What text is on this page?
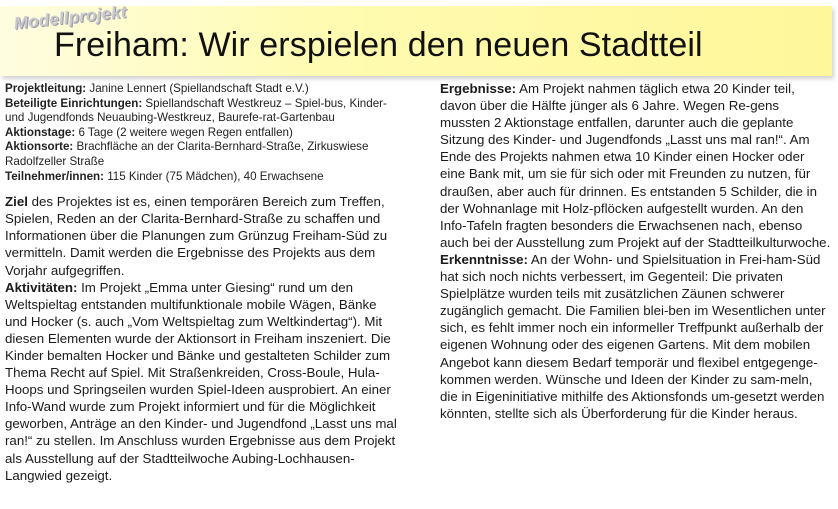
Modellprojekt
Freiham: Wir erspielen den neuen Stadtteil
Projektleitung: Janine Lennert (Spiellandschaft Stadt e.V.)
Beteiligte Einrichtungen: Spiellandschaft Westkreuz – Spiel-bus, Kinder- und Jugendfonds Neuaubing-Westkreuz, Baurefe-rat-Gartenbau
Aktionstage: 6 Tage (2 weitere wegen Regen entfallen)
Aktionsorte: Brachfläche an der Clarita-Bernhard-Straße, Zirkuswiese Radolfzeller Straße
Teilnehmer/innen: 115 Kinder (75 Mädchen), 40 Erwachsene

Ziel des Projektes ist es, einen temporären Bereich zum Treffen, Spielen, Reden an der Clarita-Bernhard-Straße zu schaffen und Informationen über die Planungen zum Grünzug Freiham-Süd zu vermitteln. Damit werden die Ergebnisse des Projekts aus dem Vorjahr aufgegriffen.

Aktivitäten: Im Projekt „Emma unter Giesing“ rund um den Weltspieltag entstanden multifunktionale mobile Wägen, Bänke und Hocker (s. auch „Vom Weltspieltag zum Weltkindertag“). Mit diesen Elementen wurde der Aktionsort in Freiham inszeniert. Die Kinder bemalten Hocker und Bänke und gestalteten Schilder zum Thema Recht auf Spiel. Mit Straßenkreiden, Cross-Boule, Hula-Hoops und Springseilen wurden Spiel-Ideen ausprobiert. An einer Info-Wand wurde zum Projekt informiert und für die Möglichkeit geworben, Anträge an den Kinder- und Jugendfond „Lasst uns mal ran!“ zu stellen. Im Anschluss wurden Ergebnisse aus dem Projekt als Ausstellung auf der Stadtteilwoche Aubing-Lochhausen-Langwied gezeigt.

Ergebnisse: Am Projekt nahmen täglich etwa 20 Kinder teil, davon über die Hälfte jünger als 6 Jahre. Wegen Re-gens mussten 2 Aktionstage entfallen, darunter auch die geplante Sitzung des Kinder- und Jugendfonds „Lasst uns mal ran!“. Am Ende des Projekts nahmen etwa 10 Kinder einen Hocker oder eine Bank mit, um sie für sich oder mit Freunden zu nutzen, für draußen, aber auch für drinnen. Es entstanden 5 Schilder, die in der Wohnanlage mit Holz-pflöcken aufgestellt wurden. An den Info-Tafeln fragten besonders die Erwachsenen nach, ebenso auch bei der Ausstellung zum Projekt auf der Stadtteilkulturwoche.

Erkenntnisse: An der Wohn- und Spielsituation in Frei-ham-Süd hat sich noch nichts verbessert, im Gegenteil: Die privaten Spielplätze wurden teils mit zusätzlichen Zäunen schwerer zugänglich gemacht. Die Familien blei-ben im Wesentlichen unter sich, es fehlt immer noch ein informeller Treffpunkt außerhalb der eigenen Wohnung oder des eigenen Gartens. Mit dem mobilen Angebot kann diesem Bedarf temporär und flexibel entgegenge-kommen werden. Wünsche und Ideen der Kinder zu sam-meln, die in Eigeninitiative mithilfe des Aktionsfonds um-gesetzt werden könnten, stellte sich als Überforderung für die Kinder heraus.
